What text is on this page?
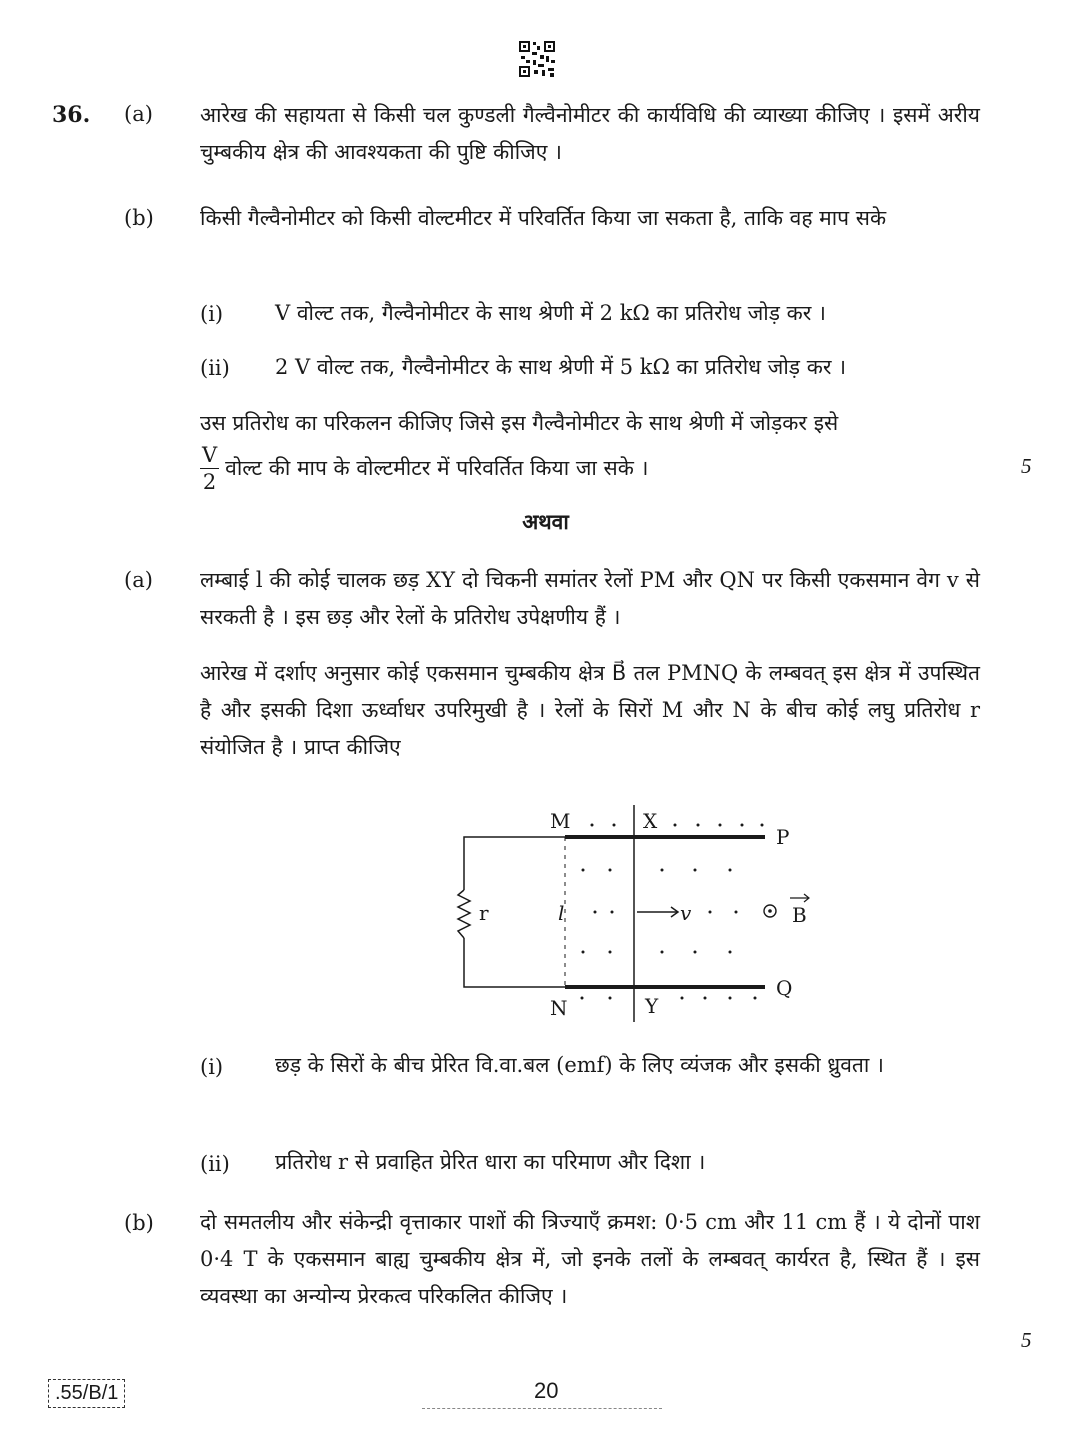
36. (a) आरेख की सहायता से किसी चल कुण्डली गैल्वैनोमीटर की कार्यविधि की व्याख्या कीजिए । इसमें अरीय चुम्बकीय क्षेत्र की आवश्यकता की पुष्टि कीजिए ।
(b) किसी गैल्वैनोमीटर को किसी वोल्टमीटर में परिवर्तित किया जा सकता है, ताकि वह माप सके
(i) V वोल्ट तक, गैल्वैनोमीटर के साथ श्रेणी में 2 kΩ का प्रतिरोध जोड़ कर ।
(ii) 2 V वोल्ट तक, गैल्वैनोमीटर के साथ श्रेणी में 5 kΩ का प्रतिरोध जोड़ कर ।
उस प्रतिरोध का परिकलन कीजिए जिसे इस गैल्वैनोमीटर के साथ श्रेणी में जोड़कर इसे
$\frac{V}{2}$ वोल्ट की माप के वोल्टमीटर में परिवर्तित किया जा सके ।	5
अथवा
(a) लम्बाई l की कोई चालक छड़ XY दो चिकनी समांतर रेलों PM और QN पर किसी एकसमान वेग v से सरकती है । इस छड़ और रेलों के प्रतिरोध उपेक्षणीय हैं ।
आरेख में दर्शाए अनुसार कोई एकसमान चुम्बकीय क्षेत्र B⃗ तल PMNQ के लम्बवत् इस क्षेत्र में उपस्थित है और इसकी दिशा ऊर्ध्वाधर उपरिमुखी है । रेलों के सिरों M और N के बीच कोई लघु प्रतिरोध r संयोजित है । प्राप्त कीजिए
M
N
X
Y
P
Q
r	l	v	B
(i) छड़ के सिरों के बीच प्रेरित वि.वा.बल (emf) के लिए व्यंजक और इसकी ध्रुवता ।
(ii) प्रतिरोध r से प्रवाहित प्रेरित धारा का परिमाण और दिशा ।
(b) दो समतलीय और संकेन्द्री वृत्ताकार पाशों की त्रिज्याएँ क्रमश: 0·5 cm और 11 cm हैं । ये दोनों पाश 0·4 T के एकसमान बाह्य चुम्बकीय क्षेत्र में, जो इनके तलों के लम्बवत् कार्यरत है, स्थित हैं । इस व्यवस्था का अन्योन्य प्रेरकत्व परिकलित कीजिए ।
5
.55/B/1	20
